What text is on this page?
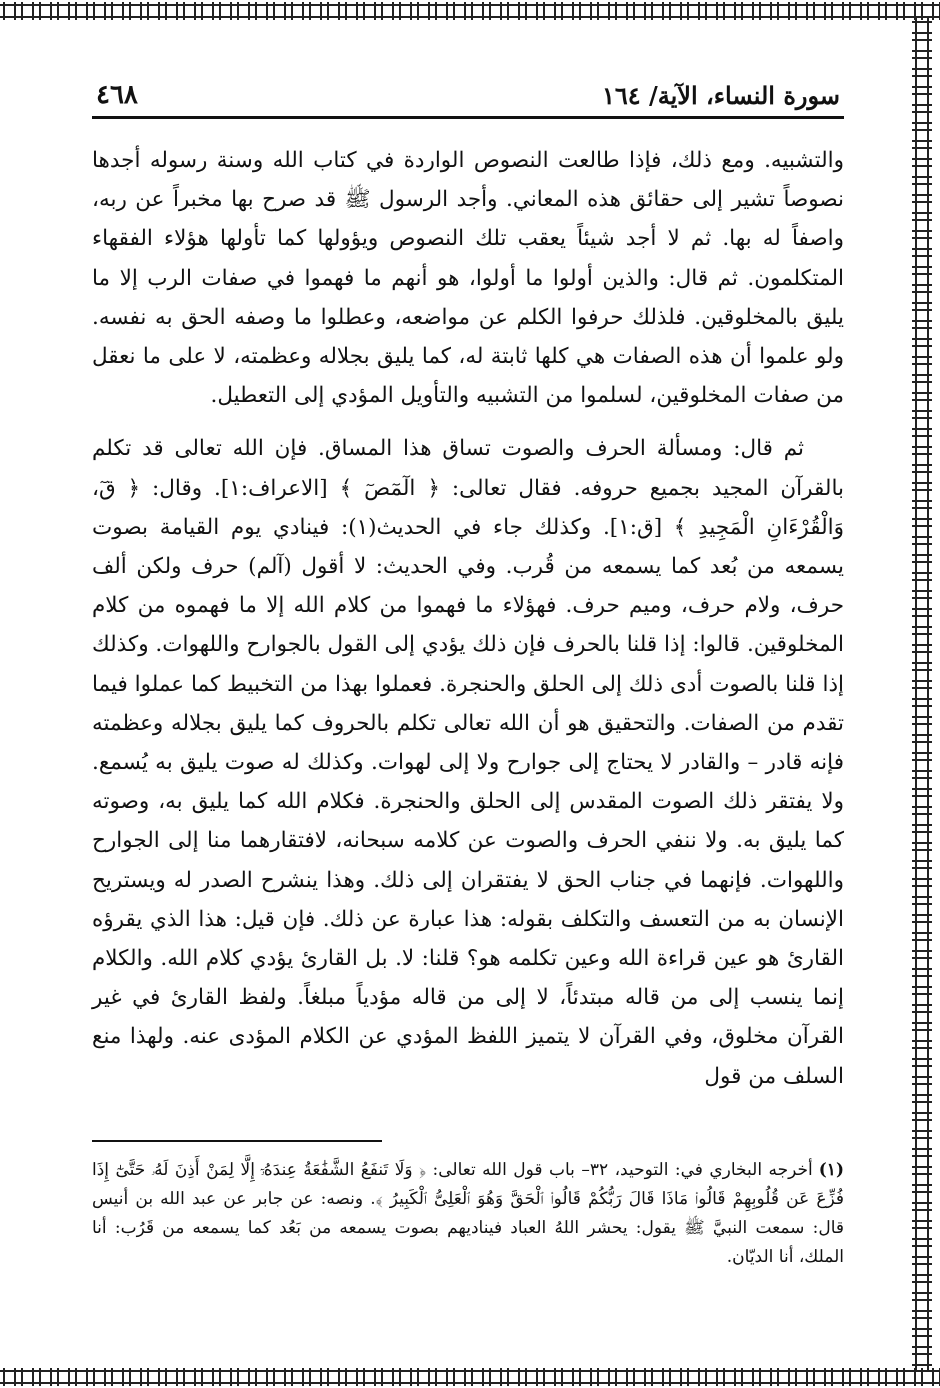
سورة النساء، الآية/ ١٦٤
٤٦٨

والتشبيه. ومع ذلك، فإذا طالعت النصوص الواردة في كتاب الله وسنة رسوله أجدها نصوصاً تشير إلى حقائق هذه المعاني. وأجد الرسول ﷺ قد صرح بها مخبراً عن ربه، واصفاً له بها. ثم لا أجد شيئاً يعقب تلك النصوص ويؤولها كما تأولها هؤلاء الفقهاء المتكلمون. ثم قال: والذين أولوا ما أولوا، هو أنهم ما فهموا في صفات الرب إلا ما يليق بالمخلوقين. فلذلك حرفوا الكلم عن مواضعه، وعطلوا ما وصفه الحق به نفسه. ولو علموا أن هذه الصفات هي كلها ثابتة له، كما يليق بجلاله وعظمته، لا على ما نعقل من صفات المخلوقين، لسلموا من التشبيه والتأويل المؤدي إلى التعطيل.

ثم قال: ومسألة الحرف والصوت تساق هذا المساق. فإن الله تعالى قد تكلم بالقرآن المجيد بجميع حروفه. فقال تعالى: ﴿ الٓمٓصٓ ﴾ [الاعراف:١]. وقال: ﴿ قٓ، وَالْقُرْءَانِ الْمَجِيدِ ﴾ [ق:١]. وكذلك جاء في الحديث(١): فينادي يوم القيامة بصوت يسمعه من بُعد كما يسمعه من قُرب. وفي الحديث: لا أقول (آلم) حرف ولكن ألف حرف، ولام حرف، وميم حرف. فهؤلاء ما فهموا من كلام الله إلا ما فهموه من كلام المخلوقين. قالوا: إذا قلنا بالحرف فإن ذلك يؤدي إلى القول بالجوارح واللهوات. وكذلك إذا قلنا بالصوت أدى ذلك إلى الحلق والحنجرة. فعملوا بهذا من التخبيط كما عملوا فيما تقدم من الصفات. والتحقيق هو أن الله تعالى تكلم بالحروف كما يليق بجلاله وعظمته فإنه قادر – والقادر لا يحتاج إلى جوارح ولا إلى لهوات. وكذلك له صوت يليق به يُسمع. ولا يفتقر ذلك الصوت المقدس إلى الحلق والحنجرة. فكلام الله كما يليق به، وصوته كما يليق به. ولا ننفي الحرف والصوت عن كلامه سبحانه، لافتقارهما منا إلى الجوارح واللهوات. فإنهما في جناب الحق لا يفتقران إلى ذلك. وهذا ينشرح الصدر له ويستريح الإنسان به من التعسف والتكلف بقوله: هذا عبارة عن ذلك. فإن قيل: هذا الذي يقرؤه القارئ هو عين قراءة الله وعين تكلمه هو؟ قلنا: لا. بل القارئ يؤدي كلام الله. والكلام إنما ينسب إلى من قاله مبتدئاً، لا إلى من قاله مؤدياً مبلغاً. ولفظ القارئ في غير القرآن مخلوق، وفي القرآن لا يتميز اللفظ المؤدي عن الكلام المؤدى عنه. ولهذا منع السلف من قول

(١)أخرجه البخاري في: التوحيد، ٣٢– باب قول الله تعالى: ﴿ وَلَا تَنفَعُ الشَّفَٰعَةُ عِندَهُۥٓ إِلَّا لِمَنْ أَذِنَ لَهُۥ حَتَّىٰٓ إِذَا فُزِّعَ عَن قُلُوبِهِمْ قَالُوا۟ مَاذَا قَالَ رَبُّكُمْ قَالُوا۟ ٱلْحَقَّ وَهُوَ ٱلْعَلِىُّ ٱلْكَبِيرُ ﴾. ونصه: عن جابر عن عبد الله بن أنيس قال: سمعت النبيَّ ﷺ يقول: يحشر اللهُ العباد فيناديهم بصوت يسمعه من بَعُد كما يسمعه من قَرُب: أنا الملك، أنا الديّان.
